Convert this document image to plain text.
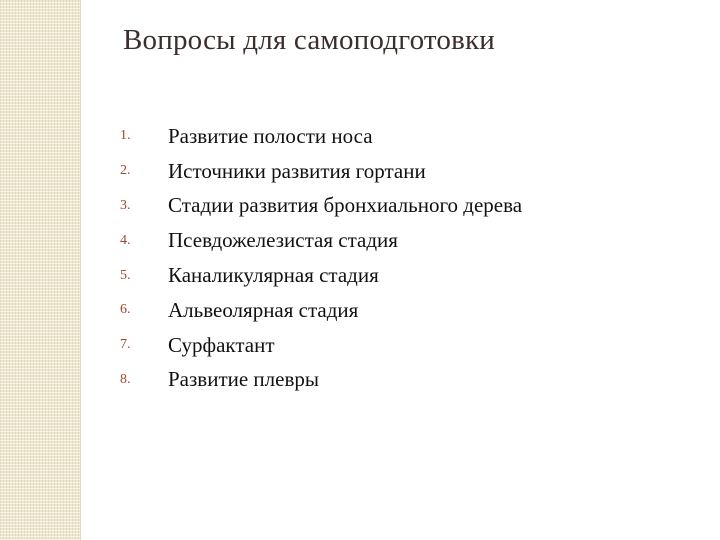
Вопросы для самоподготовки
1.	Развитие полости носа
2.	Источники развития гортани
3.	Стадии развития бронхиального дерева
4.	Псевдожелезистая стадия
5.	Каналикулярная стадия
6.	Альвеолярная стадия
7.	Сурфактант
8.	Развитие плевры
